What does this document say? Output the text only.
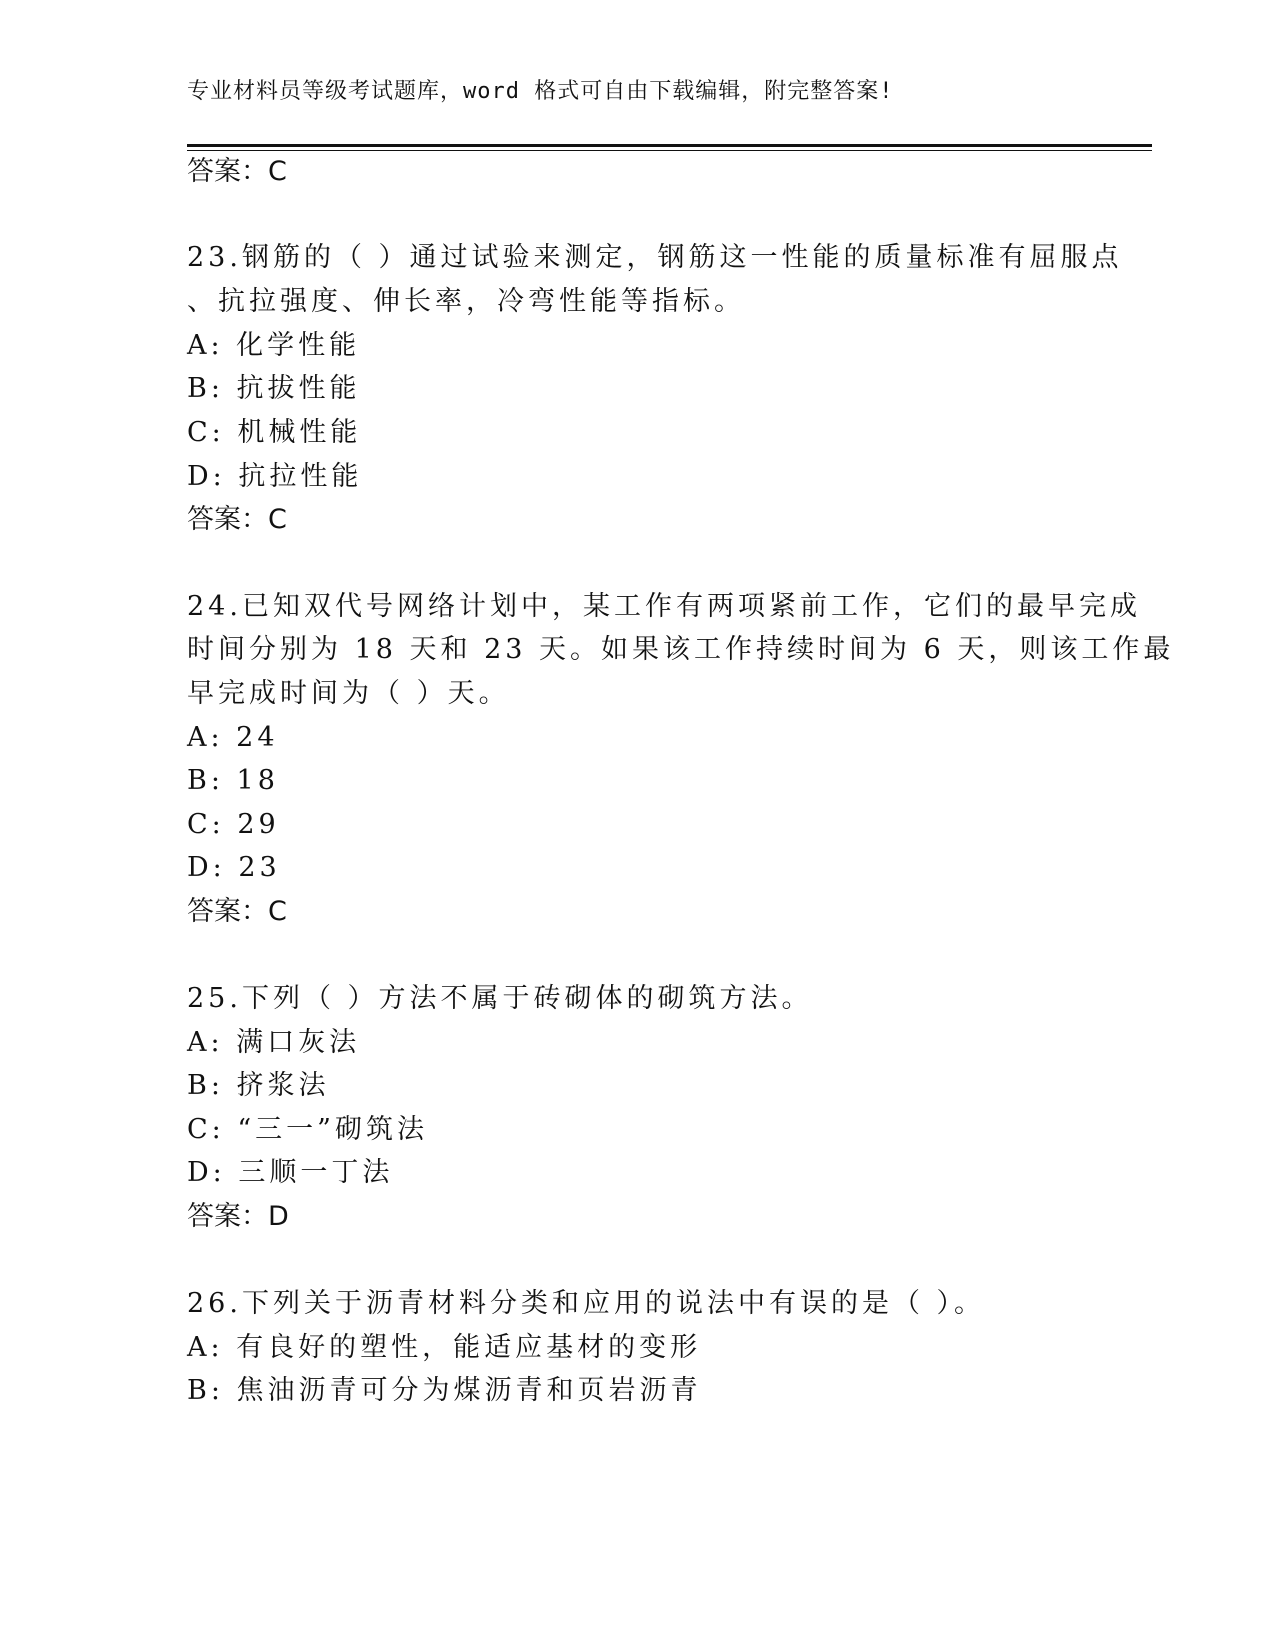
专业材料员等级考试题库，word 格式可自由下载编辑，附完整答案!
答案：C
23.钢筋的（ ）通过试验来测定，钢筋这一性能的质量标准有屈服点
、抗拉强度、伸长率，冷弯性能等指标。
A: 化学性能
B: 抗拔性能
C: 机械性能
D: 抗拉性能
答案：C
24.已知双代号网络计划中，某工作有两项紧前工作，它们的最早完成
时间分别为 18 天和 23 天。如果该工作持续时间为 6 天，则该工作最
早完成时间为（ ）天。
A: 24
B: 18
C: 29
D: 23
答案：C
25.下列（ ）方法不属于砖砌体的砌筑方法。
A: 满口灰法
B: 挤浆法
C: “三一”砌筑法
D: 三顺一丁法
答案：D
26.下列关于沥青材料分类和应用的说法中有误的是（ ）。
A: 有良好的塑性，能适应基材的变形
B: 焦油沥青可分为煤沥青和页岩沥青
